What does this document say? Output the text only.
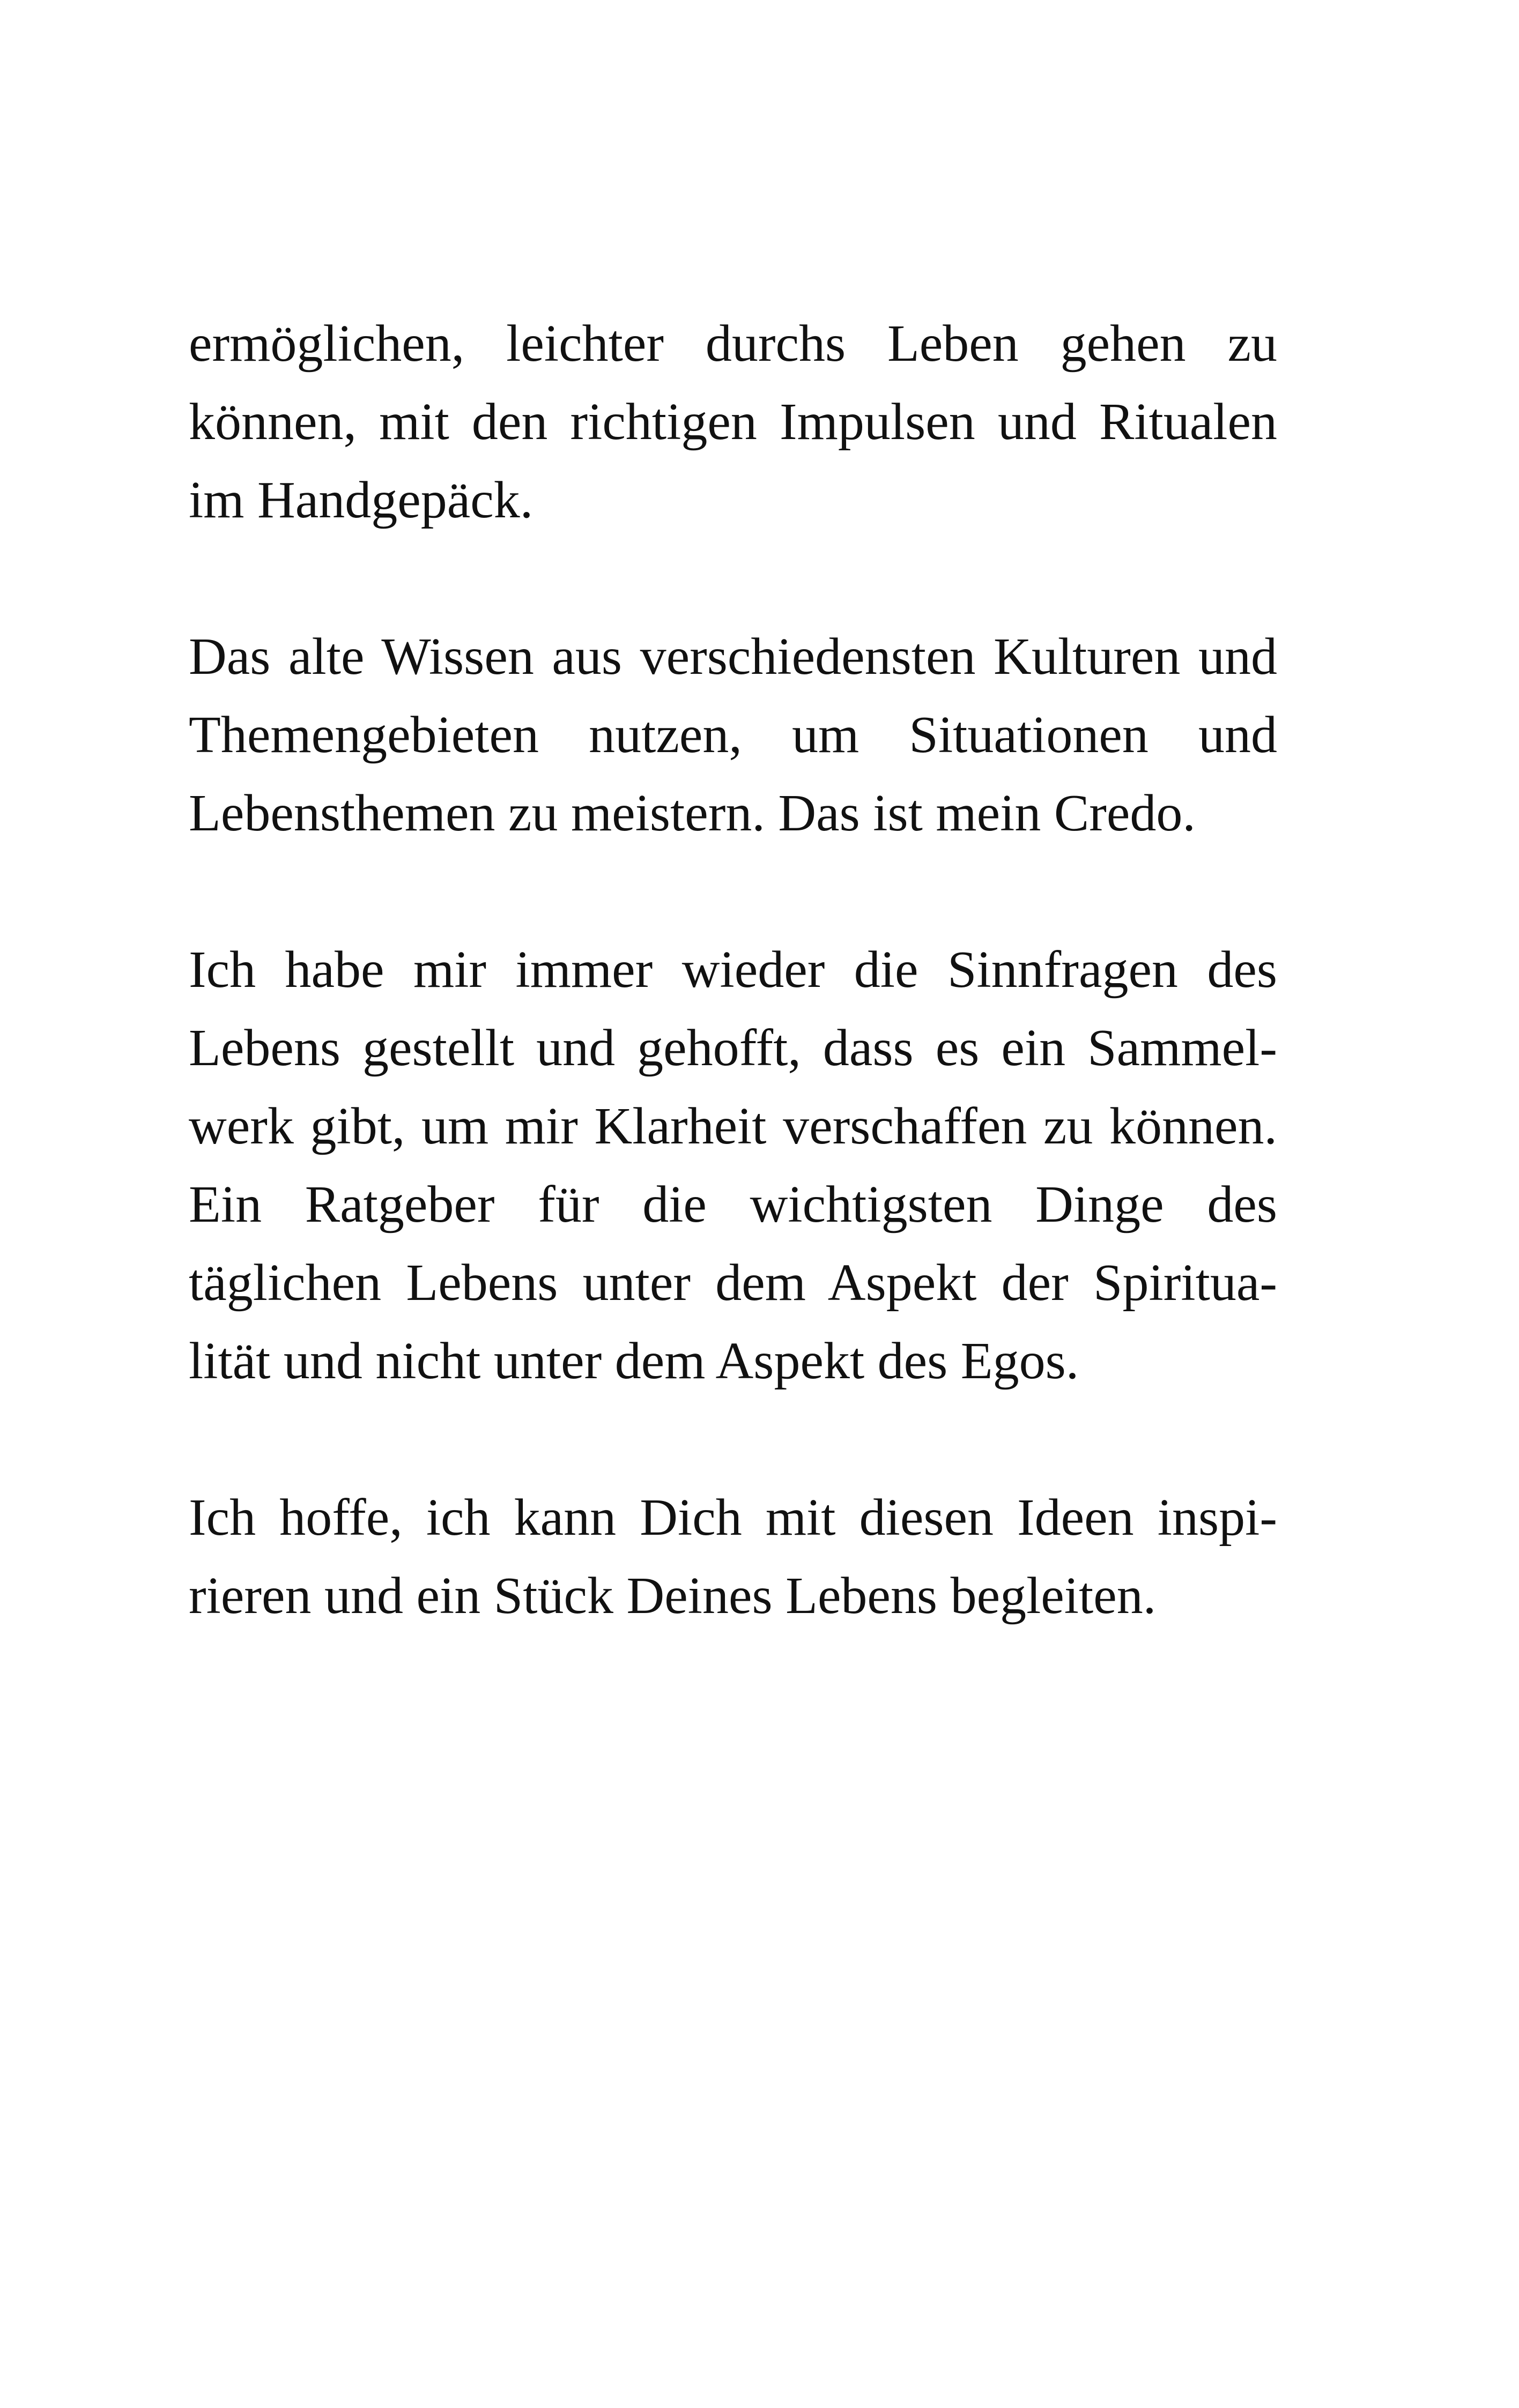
ermöglichen, leichter durchs Leben gehen zu
können, mit den richtigen Impulsen und Ritualen
im Handgepäck.

Das alte Wissen aus verschiedensten Kulturen und
Themengebieten nutzen, um Situationen und
Lebensthemen zu meistern. Das ist mein Credo.

Ich habe mir immer wieder die Sinnfragen des
Lebens gestellt und gehofft, dass es ein Sammel-
werk gibt, um mir Klarheit verschaffen zu können.
Ein Ratgeber für die wichtigsten Dinge des
täglichen Lebens unter dem Aspekt der Spiritua-
lität und nicht unter dem Aspekt des Egos.

Ich hoffe, ich kann Dich mit diesen Ideen inspi-
rieren und ein Stück Deines Lebens begleiten.
